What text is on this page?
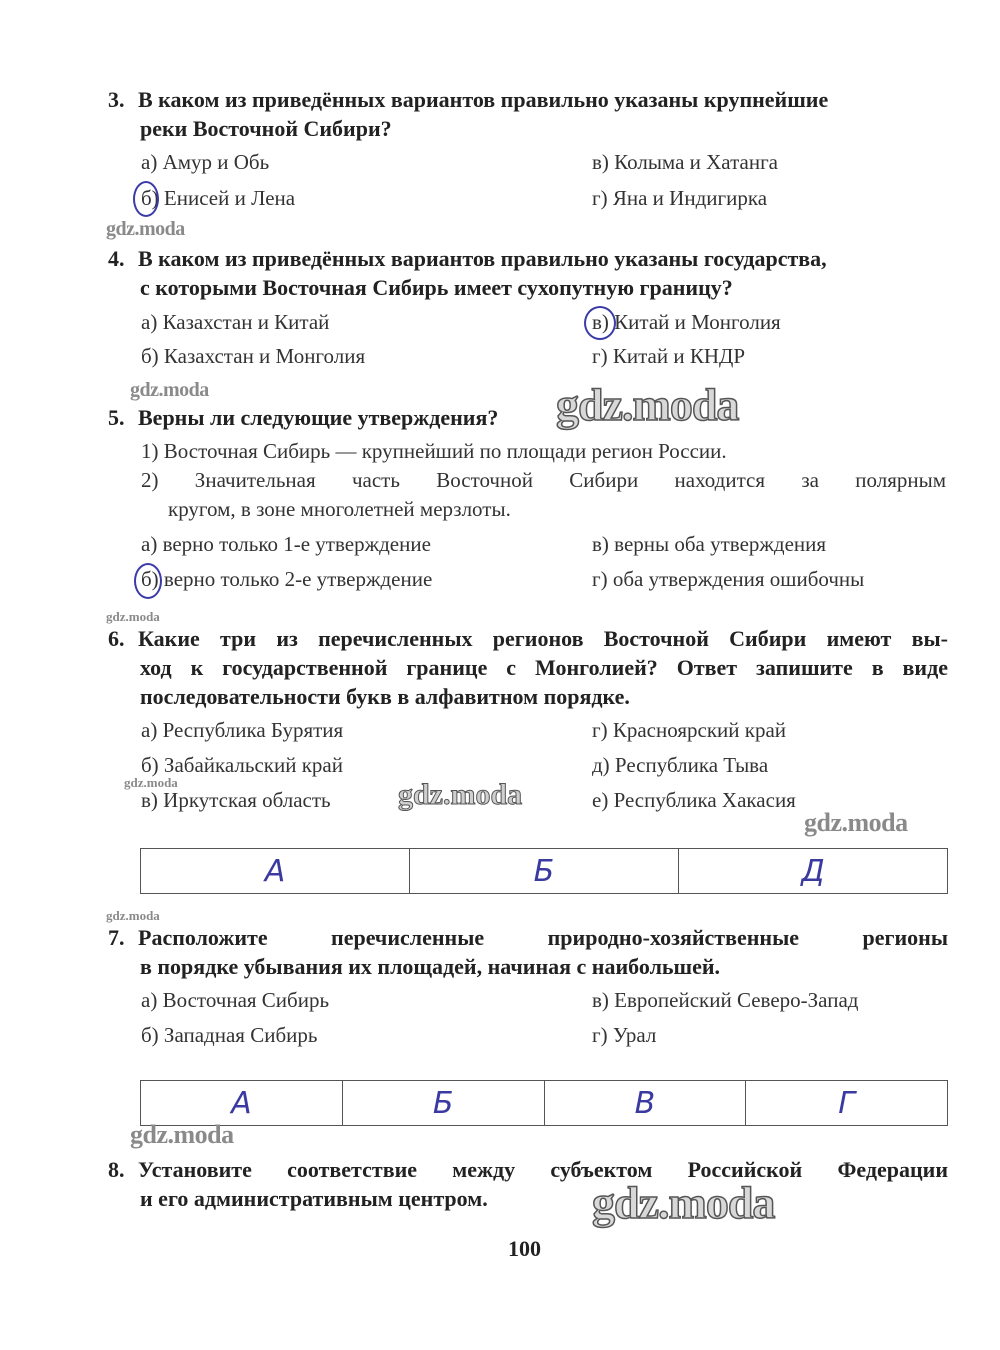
3. В каком из приведённых вариантов правильно указаны крупнейшие
реки Восточной Сибири?
а) Амур и Обь	в) Колыма и Хатанга
б) Енисей и Лена	г) Яна и Индигирка
gdz.moda
4. В каком из приведённых вариантов правильно указаны государства,
с которыми Восточная Сибирь имеет сухопутную границу?
а) Казахстан и Китай	в) Китай и Монголия
б) Казахстан и Монголия	г) Китай и КНДР
gdz.moda
5. Верны ли следующие утверждения? gdz.moda
1) Восточная Сибирь — крупнейший по площади регион России.
2) Значительная часть Восточной Сибири находится за полярным
кругом, в зоне многолетней мерзлоты.
а) верно только 1-е утверждение	в) верны оба утверждения
б) верно только 2-е утверждение	г) оба утверждения ошибочны
gdz.moda
6. Какие три из перечисленных регионов Восточной Сибири имеют вы-
ход к государственной границе с Монголией? Ответ запишите в виде
последовательности букв в алфавитном порядке.
а) Республика Бурятия	г) Красноярский край
б) Забайкальский край	д) Республика Тыва
gdz.moda
в) Иркутская область gdz.moda	е) Республика Хакасия
gdz.moda
А	Б	Д
gdz.moda
7. Расположите перечисленные природно-хозяйственные регионы
в порядке убывания их площадей, начиная с наибольшей.
а) Восточная Сибирь	в) Европейский Северо-Запад
б) Западная Сибирь	г) Урал
А	Б	В	Г
gdz.moda
8. Установите соответствие между субъектом Российской Федерации
и его административным центром. gdz.moda
100
